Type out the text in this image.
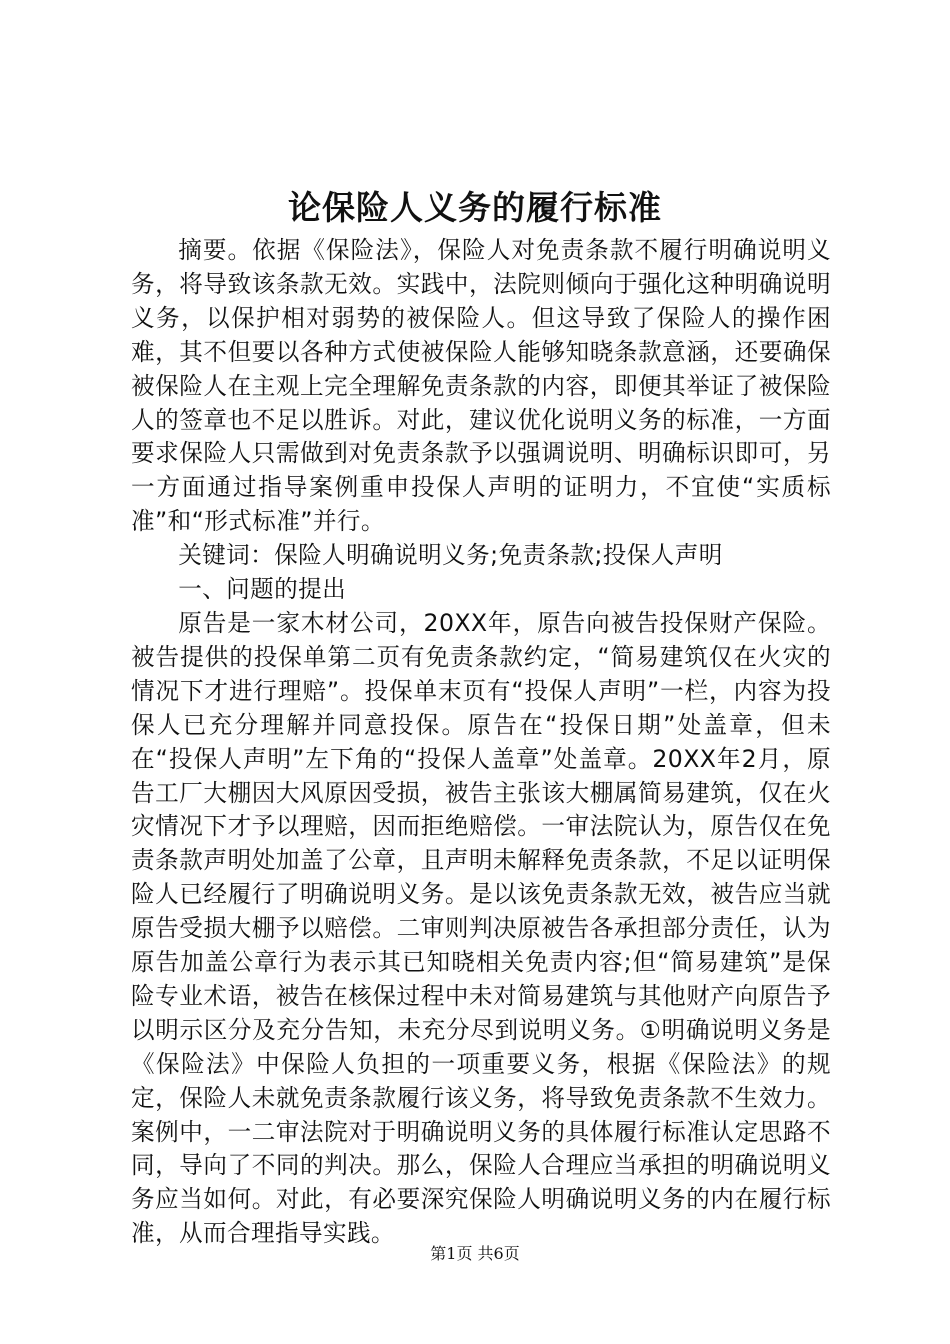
论保险人义务的履行标准

摘要。依据《保险法》，保险人对免责条款不履行明确说明义务，将导致该条款无效。实践中，法院则倾向于强化这种明确说明义务，以保护相对弱势的被保险人。但这导致了保险人的操作困难，其不但要以各种方式使被保险人能够知晓条款意涵，还要确保被保险人在主观上完全理解免责条款的内容，即便其举证了被保险人的签章也不足以胜诉。对此，建议优化说明义务的标准，一方面要求保险人只需做到对免责条款予以强调说明、明确标识即可，另一方面通过指导案例重申投保人声明的证明力，不宜使“实质标准”和“形式标准”并行。

关键词：保险人明确说明义务;免责条款;投保人声明

一、问题的提出

原告是一家木材公司，20XX年，原告向被告投保财产保险。被告提供的投保单第二页有免责条款约定，“简易建筑仅在火灾的情况下才进行理赔”。投保单末页有“投保人声明”一栏，内容为投保人已充分理解并同意投保。原告在“投保日期”处盖章，但未在“投保人声明”左下角的“投保人盖章”处盖章。20XX年2月，原告工厂大棚因大风原因受损，被告主张该大棚属简易建筑，仅在火灾情况下才予以理赔，因而拒绝赔偿。一审法院认为，原告仅在免责条款声明处加盖了公章，且声明未解释免责条款，不足以证明保险人已经履行了明确说明义务。是以该免责条款无效，被告应当就原告受损大棚予以赔偿。二审则判决原被告各承担部分责任，认为原告加盖公章行为表示其已知晓相关免责内容;但“简易建筑”是保险专业术语，被告在核保过程中未对简易建筑与其他财产向原告予以明示区分及充分告知，未充分尽到说明义务。①明确说明义务是《保险法》中保险人负担的一项重要义务，根据《保险法》的规定，保险人未就免责条款履行该义务，将导致免责条款不生效力。案例中，一二审法院对于明确说明义务的具体履行标准认定思路不同，导向了不同的判决。那么，保险人合理应当承担的明确说明义务应当如何。对此，有必要深究保险人明确说明义务的内在履行标准，从而合理指导实践。

第1页 共6页
